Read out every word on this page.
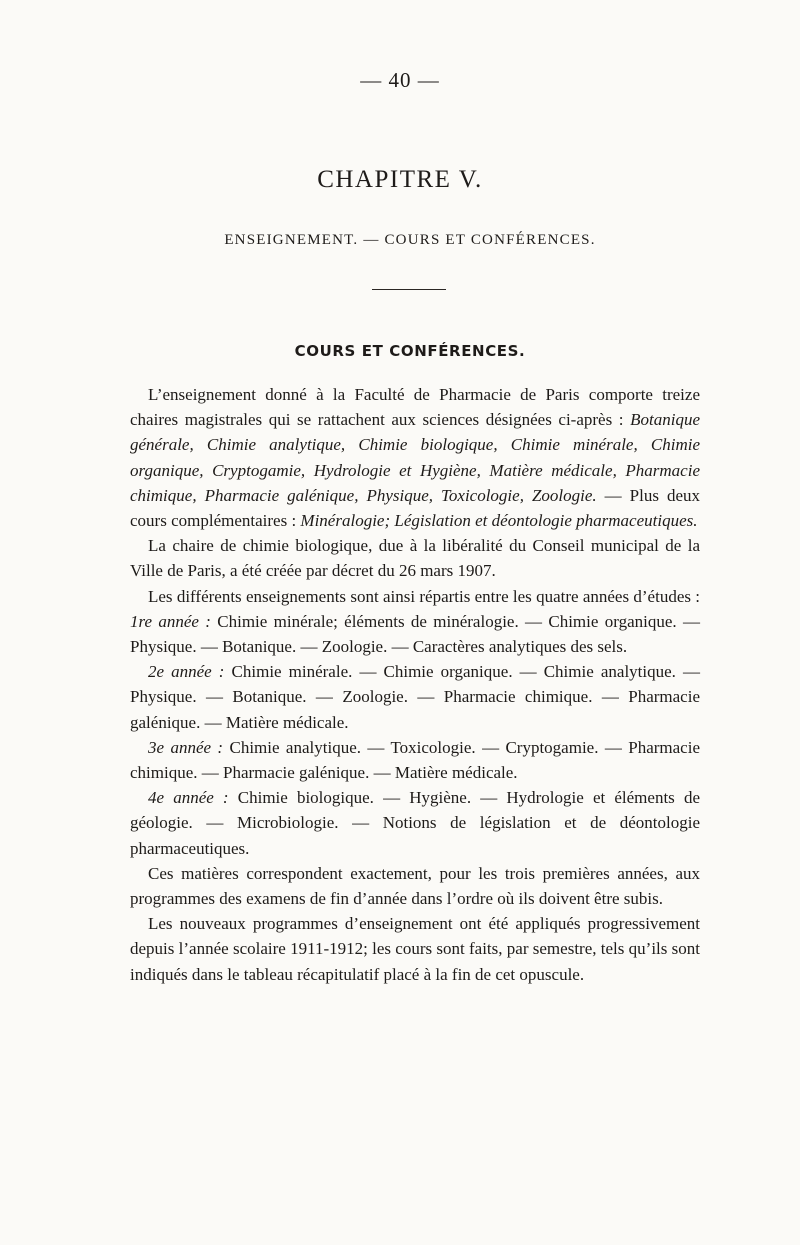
— 40 —
CHAPITRE V.
ENSEIGNEMENT. — COURS ET CONFÉRENCES.
COURS ET CONFÉRENCES.

L’enseignement donné à la Faculté de Pharmacie de Paris comporte treize chaires magistrales qui se rattachent aux sciences désignées ci-après : Botanique générale, Chimie analytique, Chimie biologique, Chimie minérale, Chimie organique, Cryptogamie, Hydrologie et Hygiène, Matière médicale, Pharmacie chimique, Pharmacie galénique, Physique, Toxicologie, Zoologie. — Plus deux cours complémentaires : Minéralogie; Législation et déontologie pharmaceutiques.

La chaire de chimie biologique, due à la libéralité du Conseil municipal de la Ville de Paris, a été créée par décret du 26 mars 1907.

Les différents enseignements sont ainsi répartis entre les quatre années d’études : 1re année : Chimie minérale; éléments de minéralogie. — Chimie organique. — Physique. — Botanique. — Zoologie. — Caractères analytiques des sels.

2e année : Chimie minérale. — Chimie organique. — Chimie analytique. — Physique. — Botanique. — Zoologie. — Pharmacie chimique. — Pharmacie galénique. — Matière médicale.

3e année : Chimie analytique. — Toxicologie. — Cryptogamie. — Pharmacie chimique. — Pharmacie galénique. — Matière médicale.

4e année : Chimie biologique. — Hygiène. — Hydrologie et éléments de géologie. — Microbiologie. — Notions de législation et de déontologie pharmaceutiques.

Ces matières correspondent exactement, pour les trois premières années, aux programmes des examens de fin d’année dans l’ordre où ils doivent être subis.

Les nouveaux programmes d’enseignement ont été appliqués progressivement depuis l’année scolaire 1911-1912; les cours sont faits, par semestre, tels qu’ils sont indiqués dans le tableau récapitulatif placé à la fin de cet opuscule.
